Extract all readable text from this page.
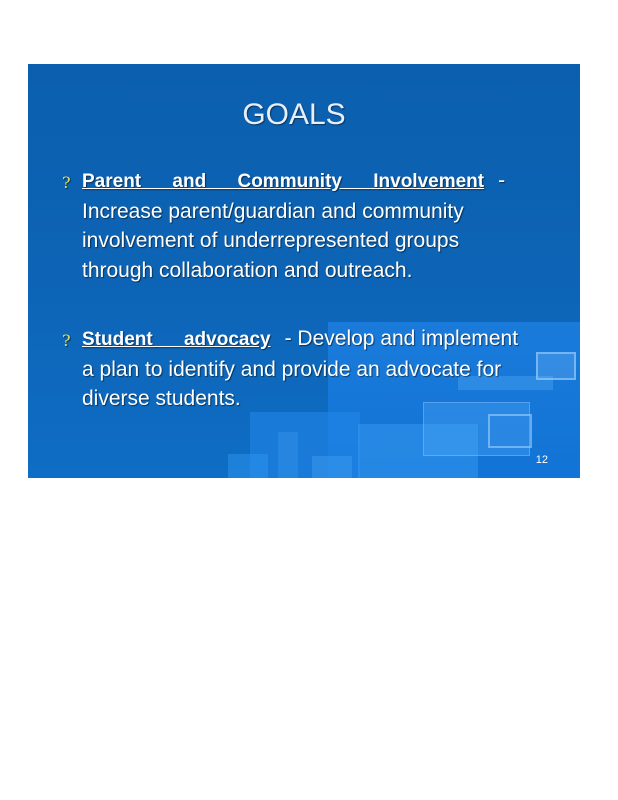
GOALS
? Parent and Community Involvement - Increase parent/guardian and community involvement of underrepresented groups through collaboration and outreach.
? Student advocacy - Develop and implement a plan to identify and provide an advocate for diverse students.
12
